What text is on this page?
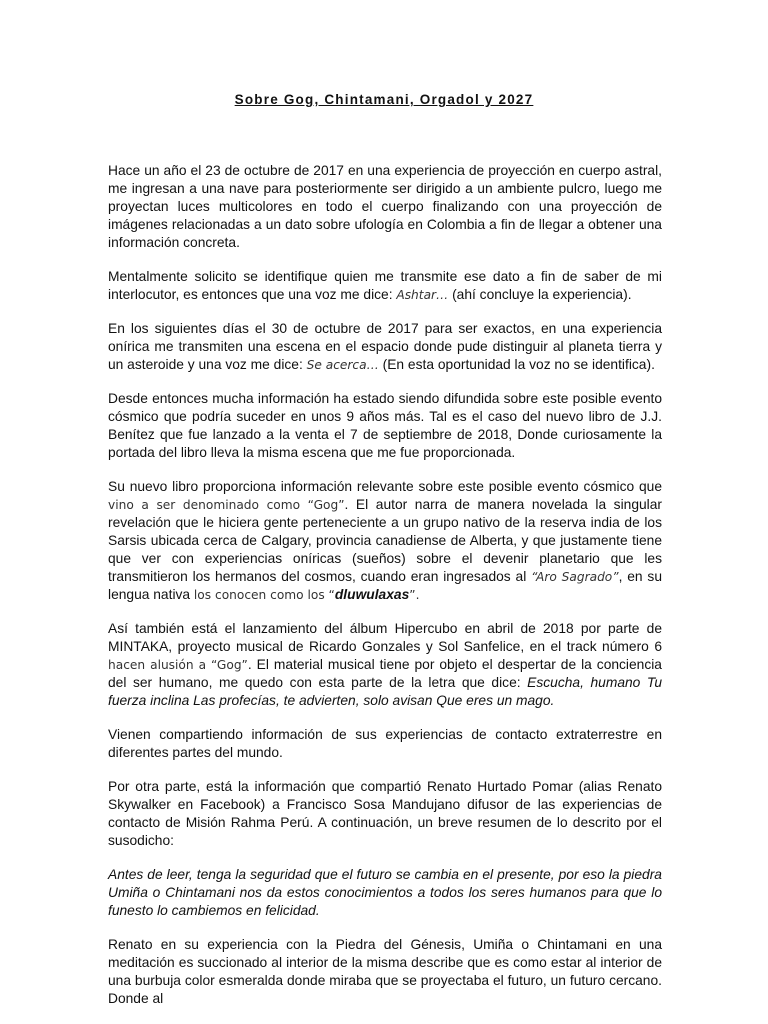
Sobre Gog, Chintamani, Orgadol y 2027

Hace un año el 23 de octubre de 2017 en una experiencia de proyección en cuerpo astral, me ingresan a una nave para posteriormente ser dirigido a un ambiente pulcro, luego me proyectan luces multicolores en todo el cuerpo finalizando con una proyección de imágenes relacionadas a un dato sobre ufología en Colombia a fin de llegar a obtener una información concreta.

Mentalmente solicito se identifique quien me transmite ese dato a fin de saber de mi interlocutor, es entonces que una voz me dice: Ashtar… (ahí concluye la experiencia).

En los siguientes días el 30 de octubre de 2017 para ser exactos, en una experiencia onírica me transmiten una escena en el espacio donde pude distinguir al planeta tierra y un asteroide y una voz me dice: Se acerca… (En esta oportunidad la voz no se identifica).

Desde entonces mucha información ha estado siendo difundida sobre este posible evento cósmico que podría suceder en unos 9 años más. Tal es el caso del nuevo libro de J.J. Benítez que fue lanzado a la venta el 7 de septiembre de 2018, Donde curiosamente la portada del libro lleva la misma escena que me fue proporcionada.

Su nuevo libro proporciona información relevante sobre este posible evento cósmico que vino a ser denominado como “Gog”. El autor narra de manera novelada la singular revelación que le hiciera gente perteneciente a un grupo nativo de la reserva india de los Sarsis ubicada cerca de Calgary, provincia canadiense de Alberta, y que justamente tiene que ver con experiencias oníricas (sueños) sobre el devenir planetario que les transmitieron los hermanos del cosmos, cuando eran ingresados al “Aro Sagrado”, en su lengua nativa los conocen como los “dluwulaxas”.

Así también está el lanzamiento del álbum Hipercubo en abril de 2018 por parte de MINTAKA, proyecto musical de Ricardo Gonzales y Sol Sanfelice, en el track número 6 hacen alusión a “Gog”. El material musical tiene por objeto el despertar de la conciencia del ser humano, me quedo con esta parte de la letra que dice: Escucha, humano Tu fuerza inclina Las profecías, te advierten, solo avisan Que eres un mago.

Vienen compartiendo información de sus experiencias de contacto extraterrestre en diferentes partes del mundo.

Por otra parte, está la información que compartió Renato Hurtado Pomar (alias Renato Skywalker en Facebook) a Francisco Sosa Mandujano difusor de las experiencias de contacto de Misión Rahma Perú. A continuación, un breve resumen de lo descrito por el susodicho:

Antes de leer, tenga la seguridad que el futuro se cambia en el presente, por eso la piedra Umiña o Chintamani nos da estos conocimientos a todos los seres humanos para que lo funesto lo cambiemos en felicidad.

Renato en su experiencia con la Piedra del Génesis, Umiña o Chintamani en una meditación es succionado al interior de la misma describe que es como estar al interior de una burbuja color esmeralda donde miraba que se proyectaba el futuro, un futuro cercano. Donde al
